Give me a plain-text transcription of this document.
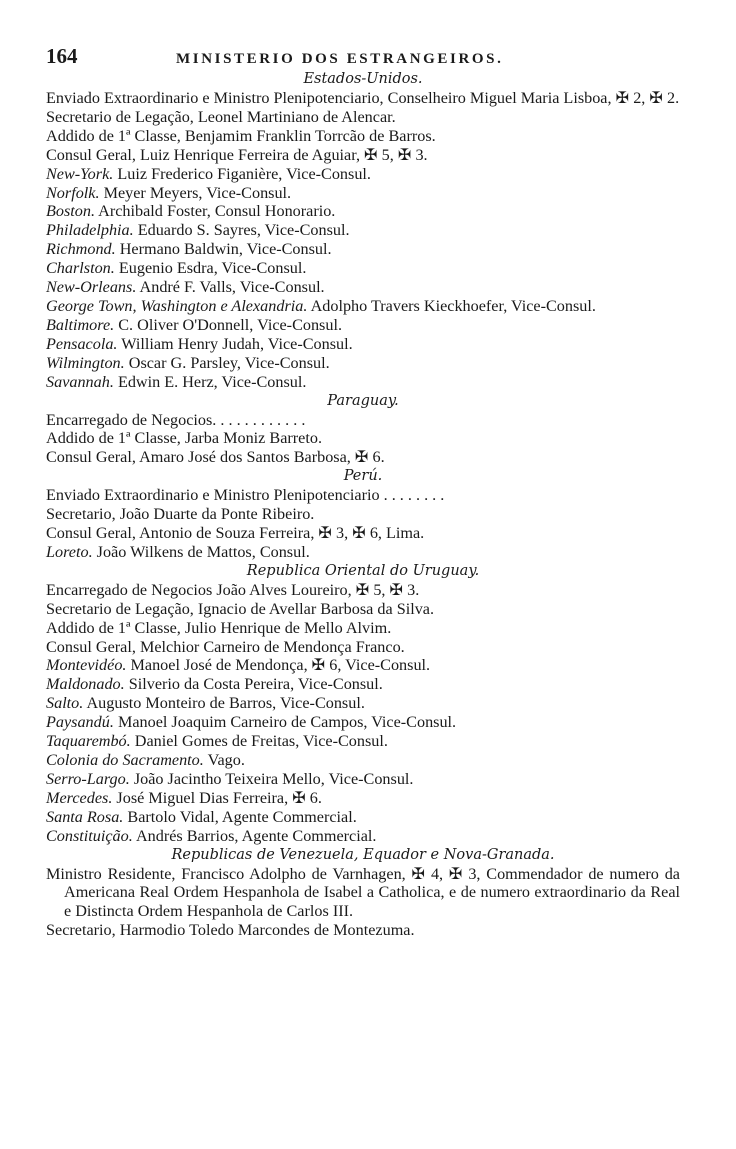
164	MINISTERIO DOS ESTRANGEIROS.

Estados-Unidos.

Enviado Extraordinario e Ministro Plenipotenciario, Conselheiro Miguel Maria Lisboa, ✠ 2, ✠ 2.

Secretario de Legação, Leonel Martiniano de Alencar.

Addido de 1ª Classe, Benjamim Franklin Torrcão de Barros.

Consul Geral, Luiz Henrique Ferreira de Aguiar, ✠ 5, ✠ 3.

New-York. Luiz Frederico Figanière, Vice-Consul.

Norfolk. Meyer Meyers, Vice-Consul.

Boston. Archibald Foster, Consul Honorario.

Philadelphia. Eduardo S. Sayres, Vice-Consul.

Richmond. Hermano Baldwin, Vice-Consul.

Charlston. Eugenio Esdra, Vice-Consul.

New-Orleans. André F. Valls, Vice-Consul.

George Town, Washington e Alexandria. Adolpho Travers Kieckhoefer, Vice-Consul.

Baltimore. C. Oliver O'Donnell, Vice-Consul.

Pensacola. William Henry Judah, Vice-Consul.

Wilmington. Oscar G. Parsley, Vice-Consul.

Savannah. Edwin E. Herz, Vice-Consul.

Paraguay.

Encarregado de Negocios. . . . . . . . . . . .

Addido de 1ª Classe, Jarba Moniz Barreto.

Consul Geral, Amaro José dos Santos Barbosa, ✠ 6.

Perú.

Enviado Extraordinario e Ministro Plenipotenciario . . . . . . . .

Secretario, João Duarte da Ponte Ribeiro.

Consul Geral, Antonio de Souza Ferreira, ✠ 3, ✠ 6, Lima.

Loreto. João Wilkens de Mattos, Consul.

Republica Oriental do Uruguay.

Encarregado de Negocios João Alves Loureiro, ✠ 5, ✠ 3.

Secretario de Legação, Ignacio de Avellar Barbosa da Silva.

Addido de 1ª Classe, Julio Henrique de Mello Alvim.

Consul Geral, Melchior Carneiro de Mendonça Franco.

Montevidéo. Manoel José de Mendonça, ✠ 6, Vice-Consul.

Maldonado. Silverio da Costa Pereira, Vice-Consul.

Salto. Augusto Monteiro de Barros, Vice-Consul.

Paysandú. Manoel Joaquim Carneiro de Campos, Vice-Consul.

Taquarembó. Daniel Gomes de Freitas, Vice-Consul.

Colonia do Sacramento. Vago.

Serro-Largo. João Jacintho Teixeira Mello, Vice-Consul.

Mercedes. José Miguel Dias Ferreira, ✠ 6.

Santa Rosa. Bartolo Vidal, Agente Commercial.

Constituição. Andrés Barrios, Agente Commercial.

Republicas de Venezuela, Equador e Nova-Granada.

Ministro Residente, Francisco Adolpho de Varnhagen, ✠ 4, ✠ 3, Commendador de numero da Americana Real Ordem Hespanhola de Isabel a Catholica, e de numero extraordinario da Real e Distincta Ordem Hespanhola de Carlos III.

Secretario, Harmodio Toledo Marcondes de Montezuma.
